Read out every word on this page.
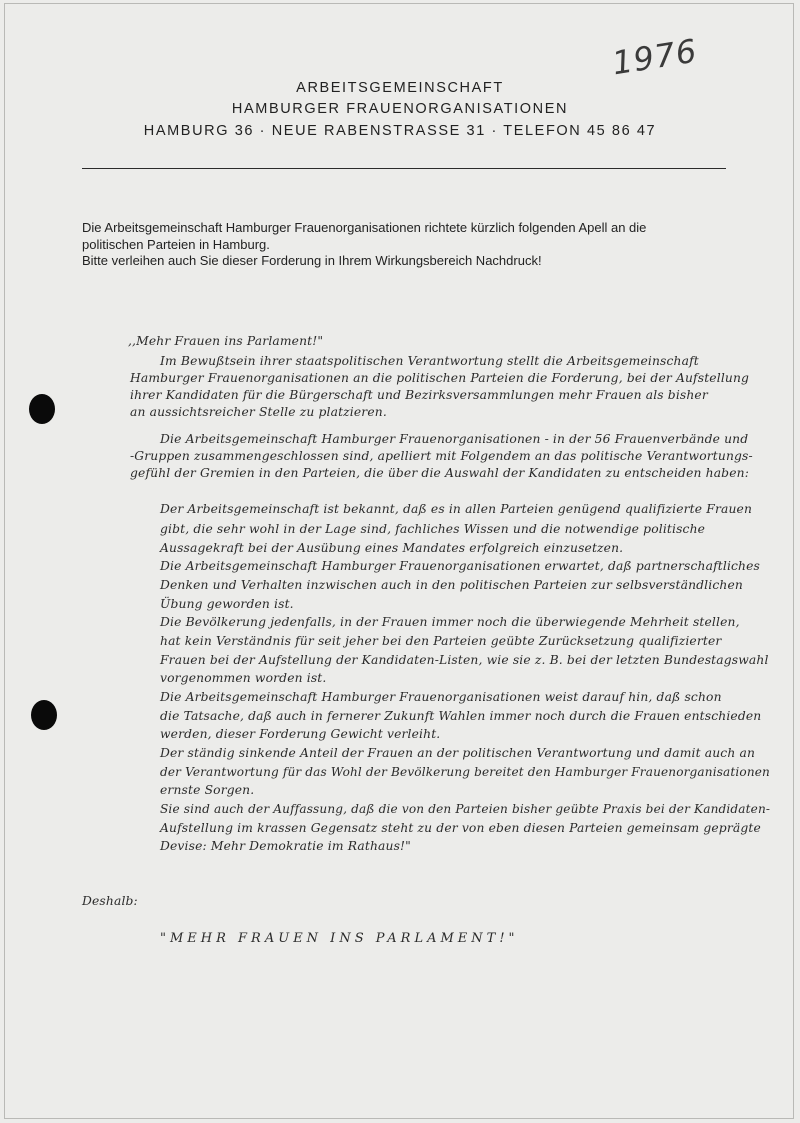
1976
ARBEITSGEMEINSCHAFT
HAMBURGER FRAUENORGANISATIONEN
HAMBURG 36 · NEUE RABENSTRASSE 31 · TELEFON 45 86 47
Die Arbeitsgemeinschaft Hamburger Frauenorganisationen richtete kürzlich folgenden Apell an die
politischen Parteien in Hamburg.
Bitte verleihen auch Sie dieser Forderung in Ihrem Wirkungsbereich Nachdruck!
,,Mehr Frauen ins Parlament!"
Im Bewußtsein ihrer staatspolitischen Verantwortung stellt die Arbeitsgemeinschaft
Hamburger Frauenorganisationen an die politischen Parteien die Forderung, bei der Aufstellung
ihrer Kandidaten für die Bürgerschaft und Bezirksversammlungen mehr Frauen als bisher
an aussichtsreicher Stelle zu platzieren.
Die Arbeitsgemeinschaft Hamburger Frauenorganisationen - in der 56 Frauenverbände und
-Gruppen zusammengeschlossen sind, apelliert mit Folgendem an das politische Verantwortungs-
gefühl der Gremien in den Parteien, die über die Auswahl der Kandidaten zu entscheiden haben:
Der Arbeitsgemeinschaft ist bekannt, daß es in allen Parteien genügend qualifizierte Frauen
gibt, die sehr wohl in der Lage sind, fachliches Wissen und die notwendige politische
Aussagekraft bei der Ausübung eines Mandates erfolgreich einzusetzen.
Die Arbeitsgemeinschaft Hamburger Frauenorganisationen erwartet, daß partnerschaftliches
Denken und Verhalten inzwischen auch in den politischen Parteien zur selbsverständlichen
Übung geworden ist.
Die Bevölkerung jedenfalls, in der Frauen immer noch die überwiegende Mehrheit stellen,
hat kein Verständnis für seit jeher bei den Parteien geübte Zurücksetzung qualifizierter
Frauen bei der Aufstellung der Kandidaten-Listen, wie sie z. B. bei der letzten Bundestagswahl
vorgenommen worden ist.
Die Arbeitsgemeinschaft Hamburger Frauenorganisationen weist darauf hin, daß schon
die Tatsache, daß auch in fernerer Zukunft Wahlen immer noch durch die Frauen entschieden
werden, dieser Forderung Gewicht verleiht.
Der ständig sinkende Anteil der Frauen an der politischen Verantwortung und damit auch an
der Verantwortung für das Wohl der Bevölkerung bereitet den Hamburger Frauenorganisationen
ernste Sorgen.
Sie sind auch der Auffassung, daß die von den Parteien bisher geübte Praxis bei der Kandidaten-
Aufstellung im krassen Gegensatz steht zu der von eben diesen Parteien gemeinsam geprägte
Devise: Mehr Demokratie im Rathaus!"
Deshalb:
"MEHR FRAUEN INS PARLAMENT!"
